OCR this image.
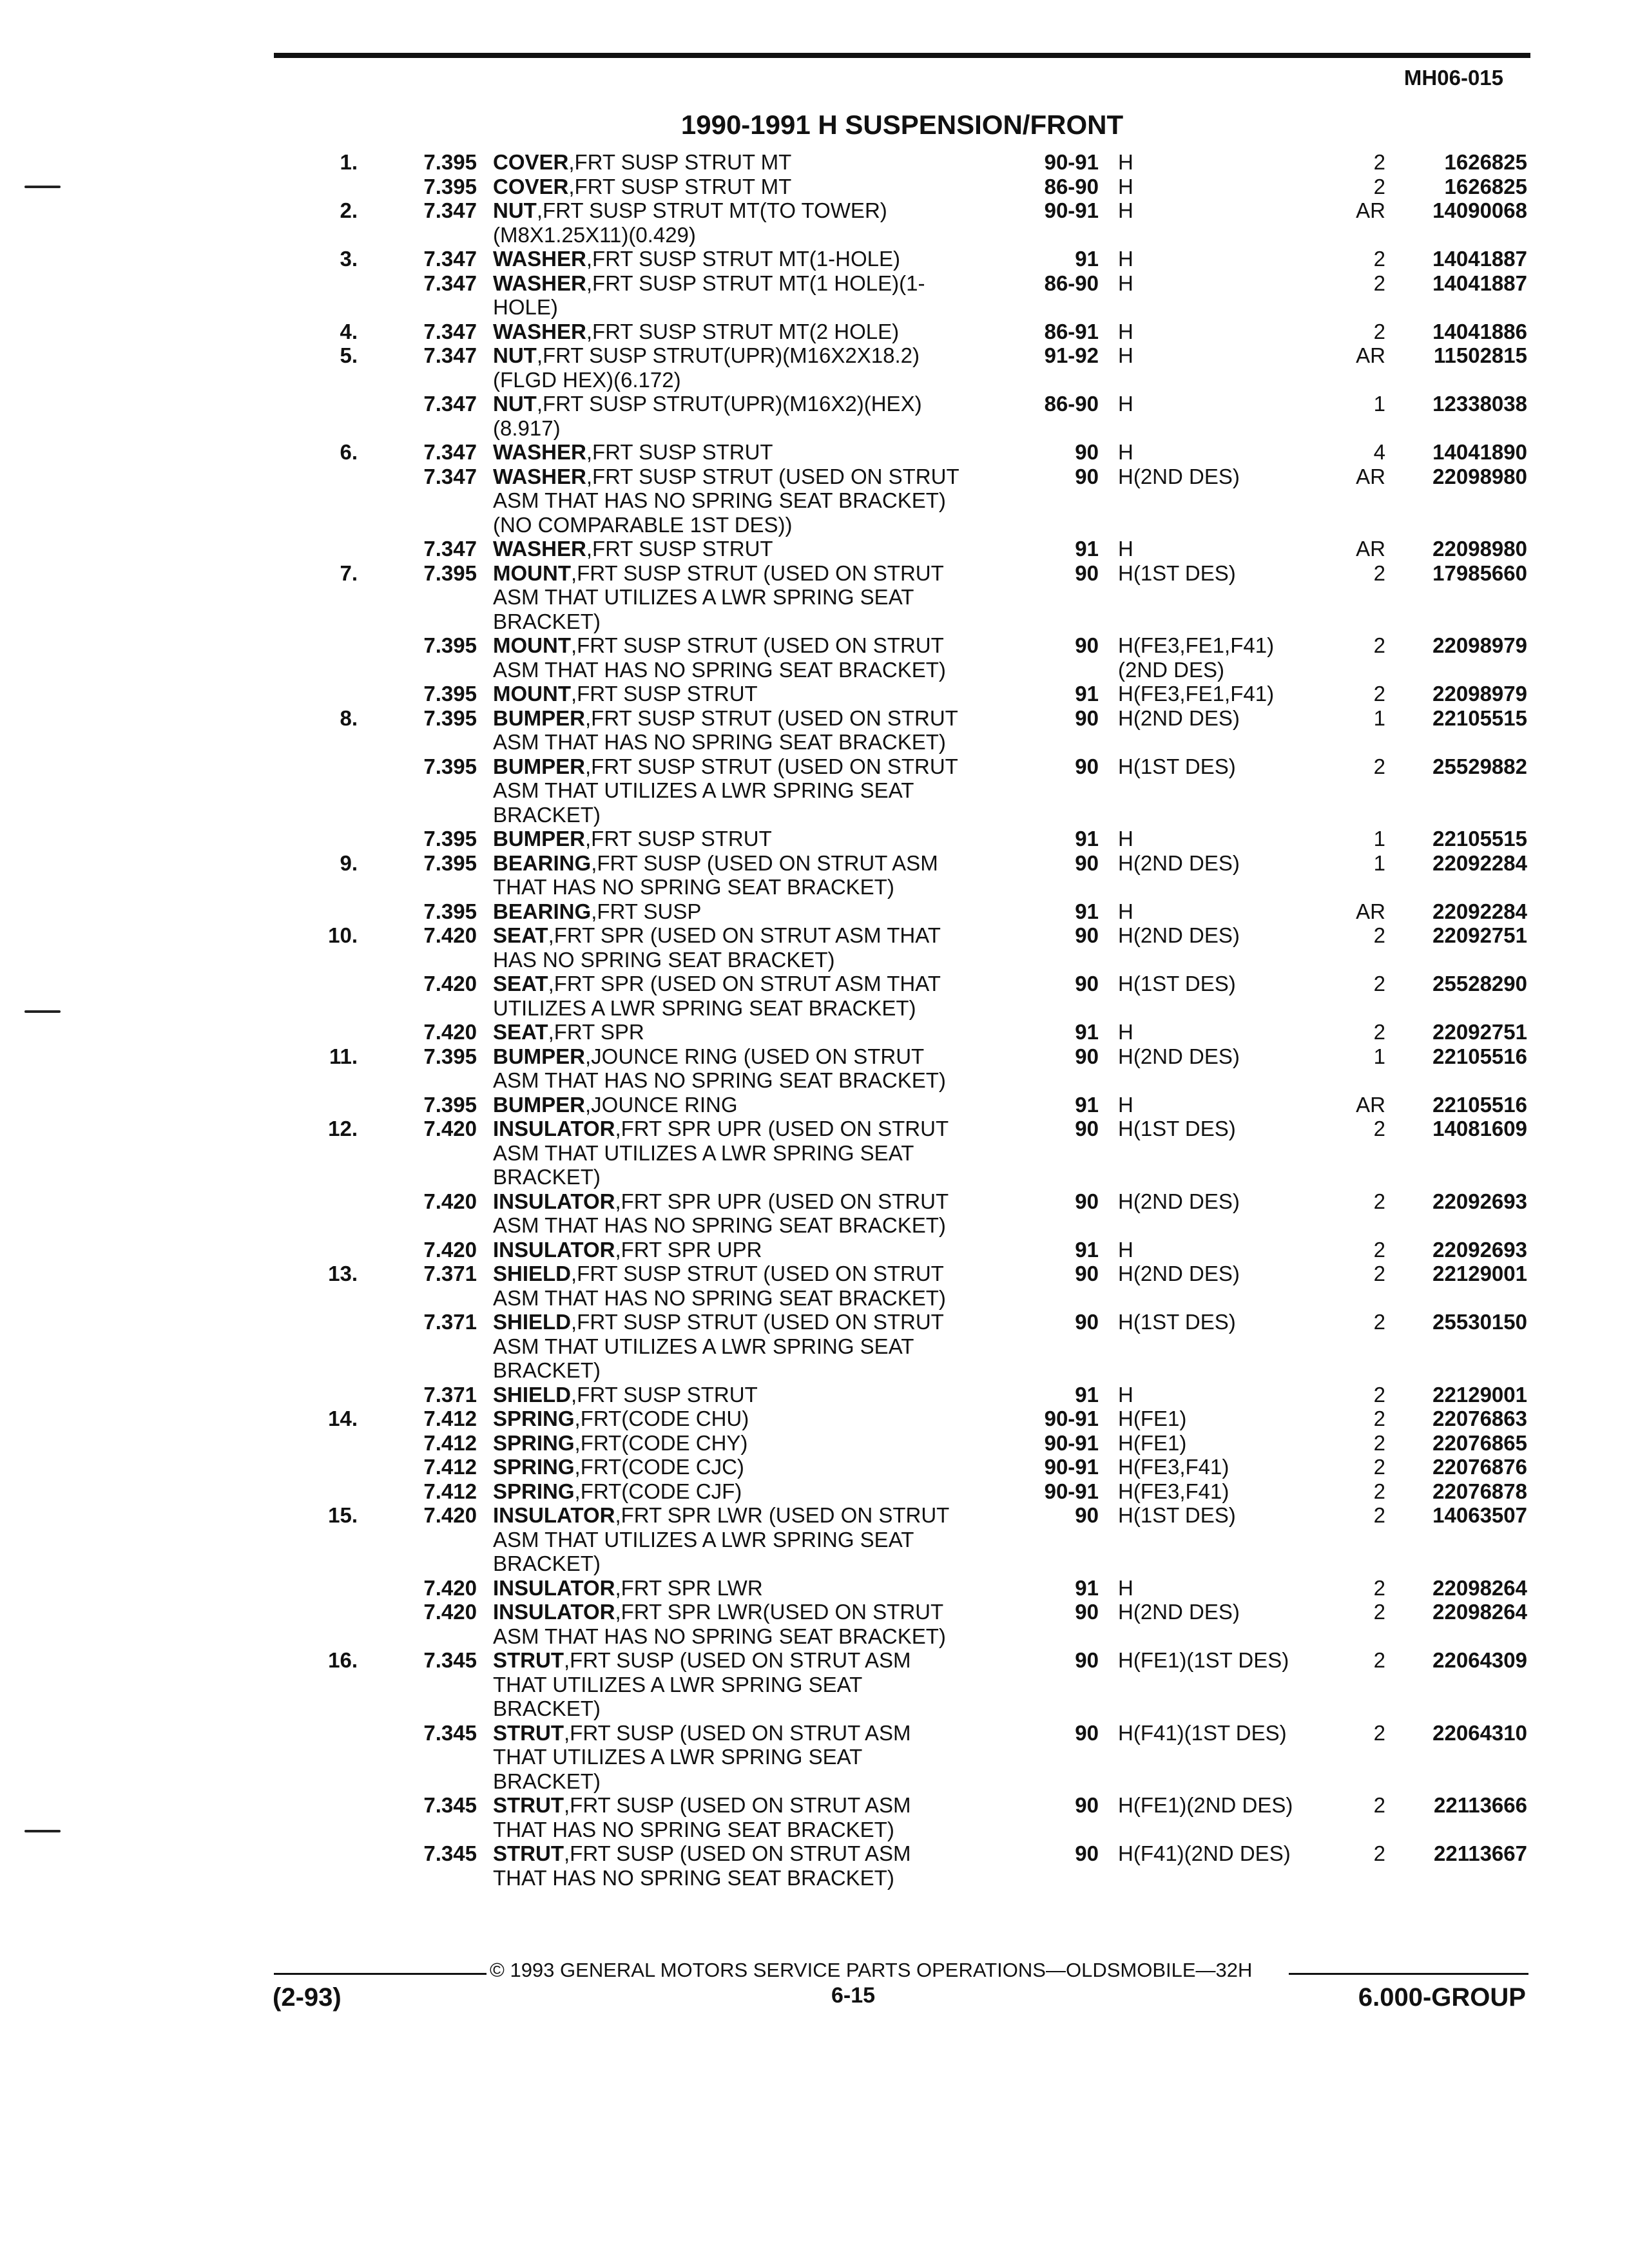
MH06-015
1990-1991 H SUSPENSION/FRONT
1.	7.395 COVER,FRT SUSP STRUT MT	90-91 H	2	1626825
7.395 COVER,FRT SUSP STRUT MT	86-90 H	2	1626825
2.	7.347 NUT,FRT SUSP STRUT MT(TO TOWER)	90-91 H	AR	14090068
(M8X1.25X11)(0.429)
3.	7.347 WASHER,FRT SUSP STRUT MT(1-HOLE)	91 H	2	14041887
7.347 WASHER,FRT SUSP STRUT MT(1 HOLE)(1-	86-90 H	2	14041887
HOLE)
4.	7.347 WASHER,FRT SUSP STRUT MT(2 HOLE)	86-91 H	2	14041886
5.	7.347 NUT,FRT SUSP STRUT(UPR)(M16X2X18.2)	91-92 H	AR	11502815
(FLGD HEX)(6.172)
7.347 NUT,FRT SUSP STRUT(UPR)(M16X2)(HEX)	86-90 H	1	12338038
(8.917)
6.	7.347 WASHER,FRT SUSP STRUT	90 H	4	14041890
7.347 WASHER,FRT SUSP STRUT (USED ON STRUT	90 H(2ND DES)	AR	22098980
ASM THAT HAS NO SPRING SEAT BRACKET)
(NO COMPARABLE 1ST DES))
7.347 WASHER,FRT SUSP STRUT	91 H	AR	22098980
7.	7.395 MOUNT,FRT SUSP STRUT (USED ON STRUT	90 H(1ST DES)	2	17985660
ASM THAT UTILIZES A LWR SPRING SEAT
BRACKET)
7.395 MOUNT,FRT SUSP STRUT (USED ON STRUT	90 H(FE3,FE1,F41)	2	22098979
ASM THAT HAS NO SPRING SEAT BRACKET)	(2ND DES)
7.395 MOUNT,FRT SUSP STRUT	91 H(FE3,FE1,F41)	2	22098979
8.	7.395 BUMPER,FRT SUSP STRUT (USED ON STRUT	90 H(2ND DES)	1	22105515
ASM THAT HAS NO SPRING SEAT BRACKET)
7.395 BUMPER,FRT SUSP STRUT (USED ON STRUT	90 H(1ST DES)	2	25529882
ASM THAT UTILIZES A LWR SPRING SEAT
BRACKET)
7.395 BUMPER,FRT SUSP STRUT	91 H	1	22105515
9.	7.395 BEARING,FRT SUSP (USED ON STRUT ASM	90 H(2ND DES)	1	22092284
THAT HAS NO SPRING SEAT BRACKET)
7.395 BEARING,FRT SUSP	91 H	AR	22092284
10.	7.420 SEAT,FRT SPR (USED ON STRUT ASM THAT	90 H(2ND DES)	2	22092751
HAS NO SPRING SEAT BRACKET)
7.420 SEAT,FRT SPR (USED ON STRUT ASM THAT	90 H(1ST DES)	2	25528290
UTILIZES A LWR SPRING SEAT BRACKET)
7.420 SEAT,FRT SPR	91 H	2	22092751
11.	7.395 BUMPER,JOUNCE RING (USED ON STRUT	90 H(2ND DES)	1	22105516
ASM THAT HAS NO SPRING SEAT BRACKET)
7.395 BUMPER,JOUNCE RING	91 H	AR	22105516
12.	7.420 INSULATOR,FRT SPR UPR (USED ON STRUT	90 H(1ST DES)	2	14081609
ASM THAT UTILIZES A LWR SPRING SEAT
BRACKET)
7.420 INSULATOR,FRT SPR UPR (USED ON STRUT	90 H(2ND DES)	2	22092693
ASM THAT HAS NO SPRING SEAT BRACKET)
7.420 INSULATOR,FRT SPR UPR	91 H	2	22092693
13.	7.371 SHIELD,FRT SUSP STRUT (USED ON STRUT	90 H(2ND DES)	2	22129001
ASM THAT HAS NO SPRING SEAT BRACKET)
7.371 SHIELD,FRT SUSP STRUT (USED ON STRUT	90 H(1ST DES)	2	25530150
ASM THAT UTILIZES A LWR SPRING SEAT
BRACKET)
7.371 SHIELD,FRT SUSP STRUT	91 H	2	22129001
14.	7.412 SPRING,FRT(CODE CHU)	90-91 H(FE1)	2	22076863
7.412 SPRING,FRT(CODE CHY)	90-91 H(FE1)	2	22076865
7.412 SPRING,FRT(CODE CJC)	90-91 H(FE3,F41)	2	22076876
7.412 SPRING,FRT(CODE CJF)	90-91 H(FE3,F41)	2	22076878
15.	7.420 INSULATOR,FRT SPR LWR (USED ON STRUT	90 H(1ST DES)	2	14063507
ASM THAT UTILIZES A LWR SPRING SEAT
BRACKET)
7.420 INSULATOR,FRT SPR LWR	91 H	2	22098264
7.420 INSULATOR,FRT SPR LWR(USED ON STRUT	90 H(2ND DES)	2	22098264
ASM THAT HAS NO SPRING SEAT BRACKET)
16.	7.345 STRUT,FRT SUSP (USED ON STRUT ASM	90 H(FE1)(1ST DES)	2	22064309
THAT UTILIZES A LWR SPRING SEAT
BRACKET)
7.345 STRUT,FRT SUSP (USED ON STRUT ASM	90 H(F41)(1ST DES)	2	22064310
THAT UTILIZES A LWR SPRING SEAT
BRACKET)
7.345 STRUT,FRT SUSP (USED ON STRUT ASM	90 H(FE1)(2ND DES)	2	22113666
THAT HAS NO SPRING SEAT BRACKET)
7.345 STRUT,FRT SUSP (USED ON STRUT ASM	90 H(F41)(2ND DES)	2	22113667
THAT HAS NO SPRING SEAT BRACKET)
© 1993 GENERAL MOTORS SERVICE PARTS OPERATIONS—OLDSMOBILE—32H
(2-93)	6-15	6.000-GROUP
